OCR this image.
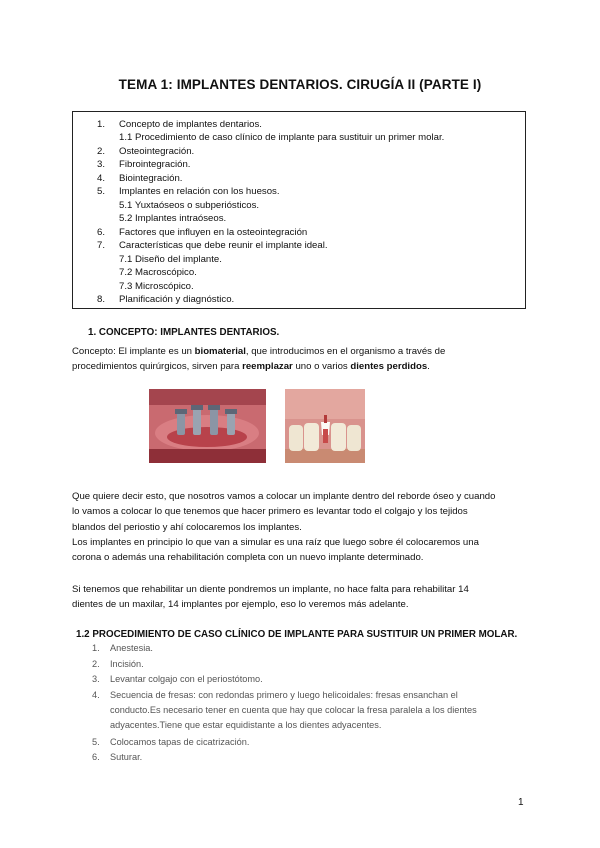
TEMA 1: IMPLANTES DENTARIOS. CIRUGÍA II (PARTE I)
1. Concepto de implantes dentarios.
1.1 Procedimiento de caso clínico de implante para sustituir un primer molar.
2. Osteointegración.
3. Fibrointegración.
4. Biointegración.
5. Implantes en relación con los huesos.
5.1 Yuxtaóseos o subperiósticos.
5.2 Implantes intraóseos.
6. Factores que influyen en la osteointegración
7. Características que debe reunir el implante ideal.
7.1 Diseño del implante.
7.2 Macroscópico.
7.3 Microscópico.
8. Planificación y diagnóstico.
1. CONCEPTO: IMPLANTES DENTARIOS.
Concepto: El implante es un biomaterial, que introducimos en el organismo a través de
procedimientos quirúrgicos, sirven para reemplazar uno o varios dientes perdidos.
Que quiere decir esto, que nosotros vamos a colocar un implante dentro del reborde óseo y cuando
lo vamos a colocar lo que tenemos que hacer primero es levantar todo el colgajo y los tejidos
blandos del periostio y ahí colocaremos los implantes.
Los implantes en principio lo que van a simular es una raíz que luego sobre él colocaremos una
corona o además una rehabilitación completa con un nuevo implante determinado.
Si tenemos que rehabilitar un diente pondremos un implante, no hace falta para rehabilitar 14
dientes de un maxilar, 14 implantes por ejemplo, eso lo veremos más adelante.
1.2 PROCEDIMIENTO DE CASO CLÍNICO DE IMPLANTE PARA SUSTITUIR UN PRIMER MOLAR.
1. Anestesia.
2. Incisión.
3. Levantar colgajo con el periostótomo.
4. Secuencia de fresas: con redondas primero y luego helicoidales: fresas ensanchan el
conducto.Es necesario tener en cuenta que hay que colocar la fresa paralela a los dientes
adyacentes.Tiene que estar equidistante a los dientes adyacentes.
5. Colocamos tapas de cicatrización.
6. Suturar.
1
